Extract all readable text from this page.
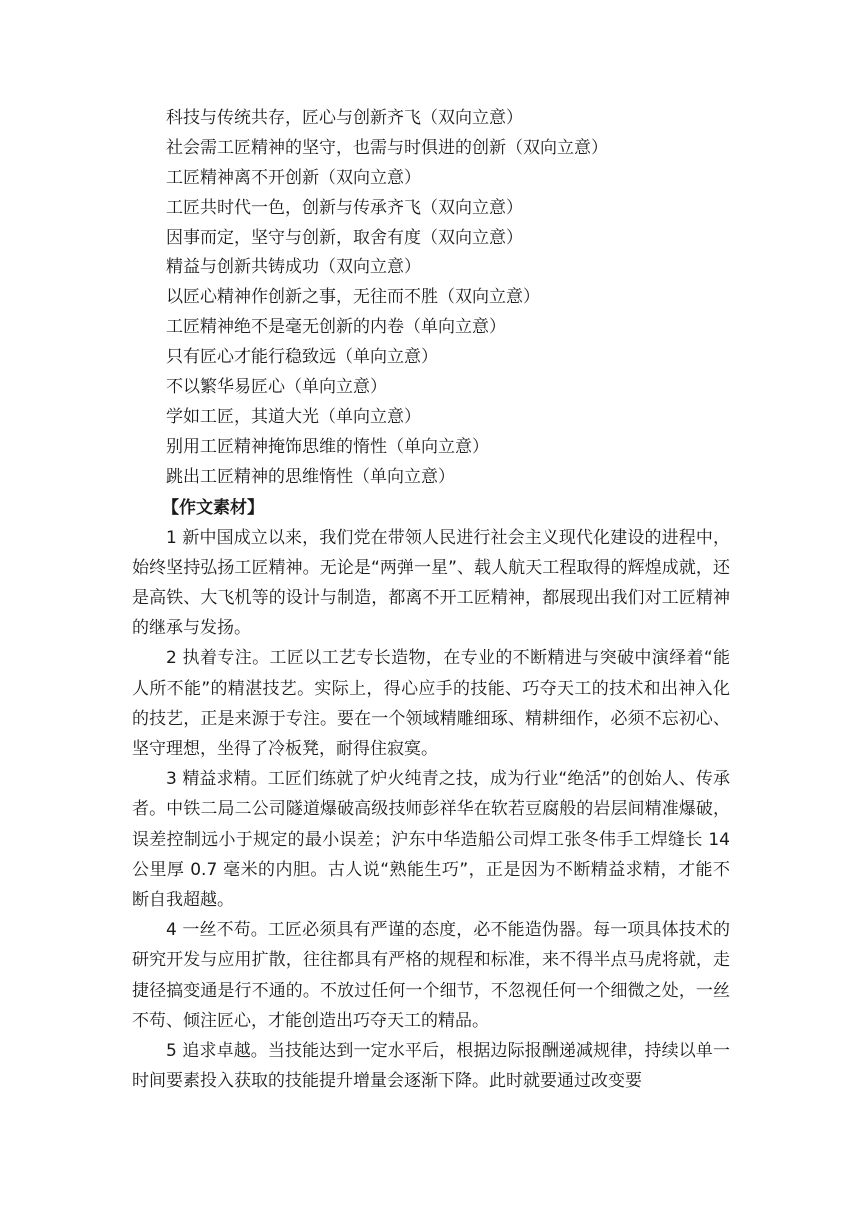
科技与传统共存，匠心与创新齐飞（双向立意）
社会需工匠精神的坚守，也需与时俱进的创新（双向立意）
工匠精神离不开创新（双向立意）
工匠共时代一色，创新与传承齐飞（双向立意）
因事而定，坚守与创新，取舍有度（双向立意）
精益与创新共铸成功（双向立意）
以匠心精神作创新之事，无往而不胜（双向立意）
工匠精神绝不是毫无创新的内卷（单向立意）
只有匠心才能行稳致远（单向立意）
不以繁华易匠心（单向立意）
学如工匠，其道大光（单向立意）
别用工匠精神掩饰思维的惰性（单向立意）
跳出工匠精神的思维惰性（单向立意）
【作文素材】

1 新中国成立以来，我们党在带领人民进行社会主义现代化建设的进程中，始终坚持弘扬工匠精神。无论是“两弹一星”、载人航天工程取得的辉煌成就，还是高铁、大飞机等的设计与制造，都离不开工匠精神，都展现出我们对工匠精神的继承与发扬。

2 执着专注。工匠以工艺专长造物，在专业的不断精进与突破中演绎着“能人所不能”的精湛技艺。实际上，得心应手的技能、巧夺天工的技术和出神入化的技艺，正是来源于专注。要在一个领域精雕细琢、精耕细作，必须不忘初心、坚守理想，坐得了冷板凳，耐得住寂寞。

3 精益求精。工匠们练就了炉火纯青之技，成为行业“绝活”的创始人、传承者。中铁二局二公司隧道爆破高级技师彭祥华在软若豆腐般的岩层间精准爆破，误差控制远小于规定的最小误差；沪东中华造船公司焊工张冬伟手工焊缝长 14 公里厚 0.7 毫米的内胆。古人说“熟能生巧”，正是因为不断精益求精，才能不断自我超越。

4 一丝不苟。工匠必须具有严谨的态度，必不能造伪器。每一项具体技术的研究开发与应用扩散，往往都具有严格的规程和标准，来不得半点马虎将就，走捷径搞变通是行不通的。不放过任何一个细节，不忽视任何一个细微之处，一丝不苟、倾注匠心，才能创造出巧夺天工的精品。

5 追求卓越。当技能达到一定水平后，根据边际报酬递减规律，持续以单一时间要素投入获取的技能提升增量会逐渐下降。此时就要通过改变要
